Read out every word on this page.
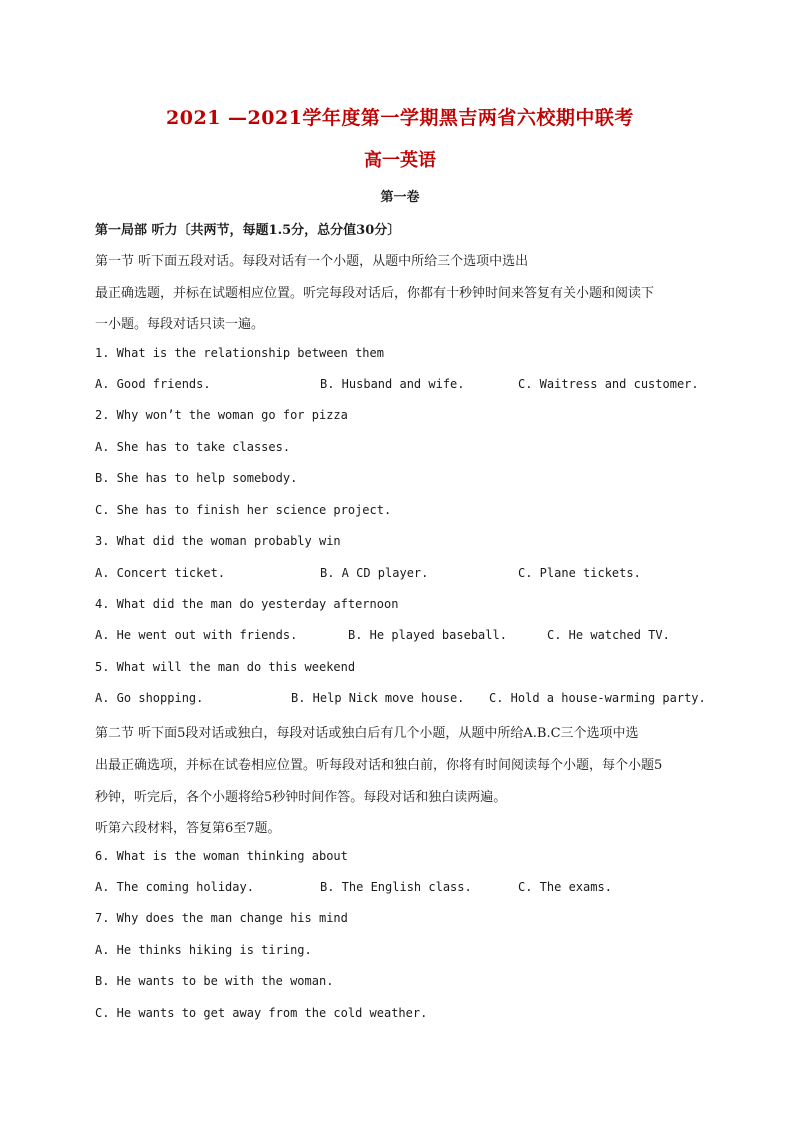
2021 —2021学年度第一学期黑吉两省六校期中联考
高一英语
第一卷
第一局部 听力〔共两节，每题1.5分，总分值30分〕
第一节 听下面五段对话。每段对话有一个小题，从题中所给三个选项中选出
最正确选题，并标在试题相应位置。听完每段对话后，你都有十秒钟时间来答复有关小题和阅读下
一小题。每段对话只读一遍。
1. What is the relationship between them
A. Good friends.	B. Husband and wife.	C. Waitress and customer.
2. Why won’t the woman go for pizza
A. She has to take classes.
B. She has to help somebody.
C. She has to finish her science project.
3. What did the woman probably win
A. Concert ticket.	B. A CD player.	C. Plane tickets.
4. What did the man do yesterday afternoon
A. He went out with friends.	B. He played baseball.	C. He watched TV.
5. What will the man do this weekend
A. Go shopping.	B. Help Nick move house. C. Hold a house-warming party.
第二节 听下面5段对话或独白，每段对话或独白后有几个小题，从题中所给A.B.C三个选项中选
出最正确选项，并标在试卷相应位置。听每段对话和独白前，你将有时间阅读每个小题，每个小题5
秒钟，听完后，各个小题将给5秒钟时间作答。每段对话和独白读两遍。
听第六段材料，答复第6至7题。
6. What is the woman thinking about
A. The coming holiday.	B. The English class.	C. The exams.
7. Why does the man change his mind
A. He thinks hiking is tiring.
B. He wants to be with the woman.
C. He wants to get away from the cold weather.
